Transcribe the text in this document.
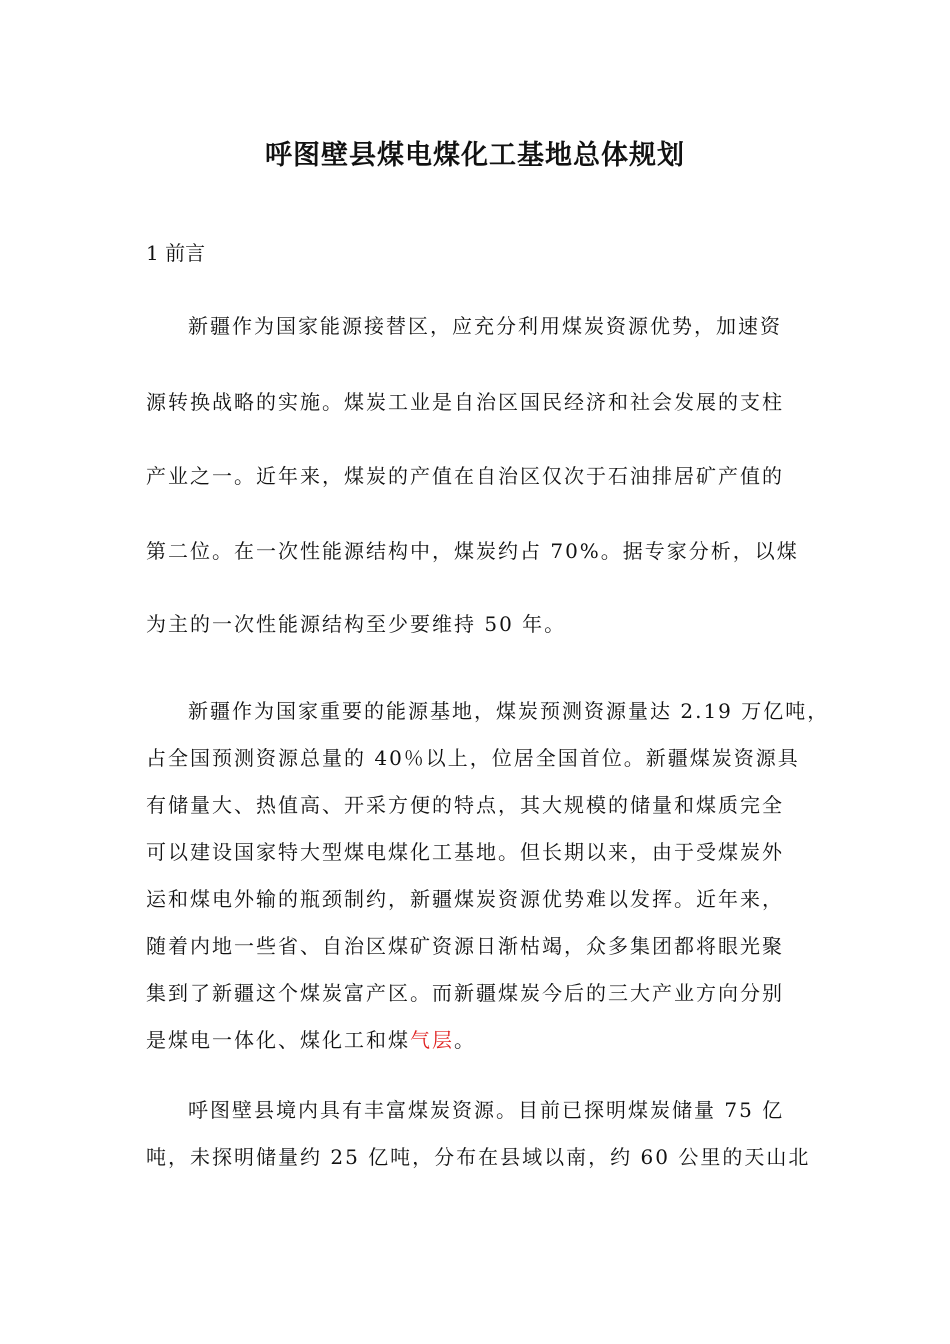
呼图壁县煤电煤化工基地总体规划

1 前言

新疆作为国家能源接替区，应充分利用煤炭资源优势，加速资

源转换战略的实施。煤炭工业是自治区国民经济和社会发展的支柱

产业之一。近年来，煤炭的产值在自治区仅次于石油排居矿产值的

第二位。在一次性能源结构中，煤炭约占 70%。据专家分析，以煤

为主的一次性能源结构至少要维持 50 年。

新疆作为国家重要的能源基地，煤炭预测资源量达 2.19 万亿吨，

占全国预测资源总量的 40％以上，位居全国首位。新疆煤炭资源具

有储量大、热值高、开采方便的特点，其大规模的储量和煤质完全

可以建设国家特大型煤电煤化工基地。但长期以来，由于受煤炭外

运和煤电外输的瓶颈制约，新疆煤炭资源优势难以发挥。近年来，

随着内地一些省、自治区煤矿资源日渐枯竭，众多集团都将眼光聚

集到了新疆这个煤炭富产区。而新疆煤炭今后的三大产业方向分别

是煤电一体化、煤化工和煤气层。

呼图壁县境内具有丰富煤炭资源。目前已探明煤炭储量 75 亿

吨，未探明储量约 25 亿吨，分布在县域以南，约 60 公里的天山北
